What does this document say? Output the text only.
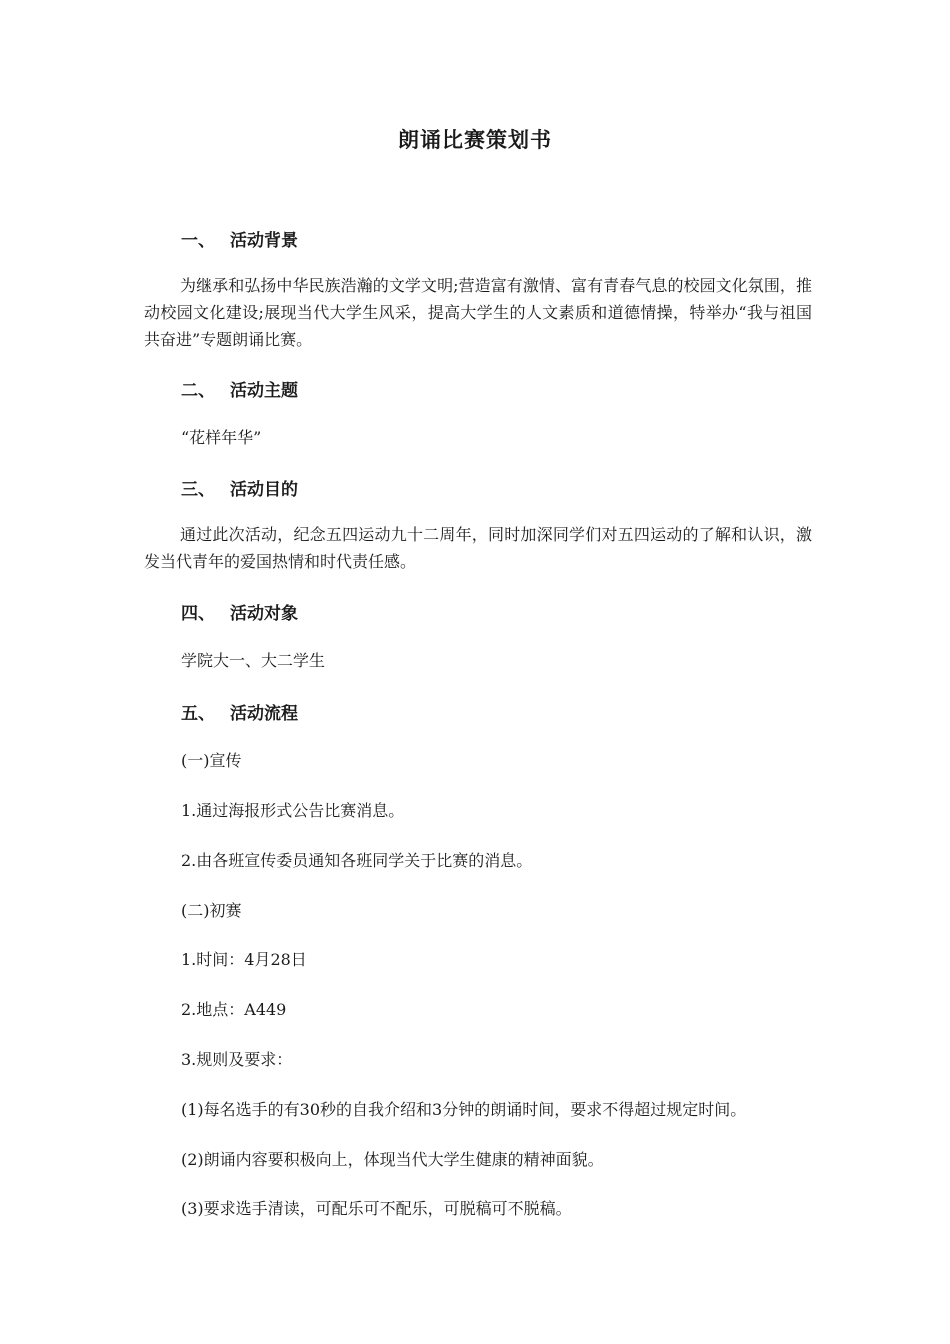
朗诵比赛策划书
一、 活动背景

为继承和弘扬中华民族浩瀚的文学文明;营造富有激情、富有青春气息的校园文化氛围，推动校园文化建设;展现当代大学生风采，提高大学生的人文素质和道德情操，特举办“我与祖国共奋进”专题朗诵比赛。

二、 活动主题

“花样年华”

三、 活动目的

通过此次活动，纪念五四运动九十二周年，同时加深同学们对五四运动的了解和认识，激发当代青年的爱国热情和时代责任感。

四、 活动对象

学院大一、大二学生

五、 活动流程

(一)宣传

1.通过海报形式公告比赛消息。

2.由各班宣传委员通知各班同学关于比赛的消息。

(二)初赛

1.时间：4月28日

2.地点：A449

3.规则及要求：

(1)每名选手的有30秒的自我介绍和3分钟的朗诵时间，要求不得超过规定时间。

(2)朗诵内容要积极向上，体现当代大学生健康的精神面貌。

(3)要求选手清读，可配乐可不配乐，可脱稿可不脱稿。
